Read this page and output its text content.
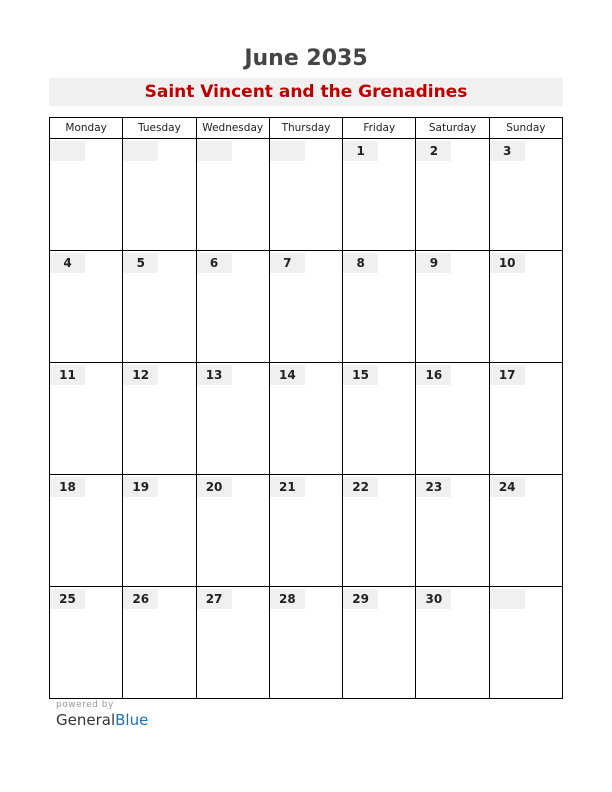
June 2035
Saint Vincent and the Grenadines
Monday	Tuesday	Wednesday	Thursday	Friday	Saturday	Sunday

				1	2	3

4	5	6	7	8	9	10

11	12	13	14	15	16	17

18	19	20	21	22	23	24

25	26	27	28	29	30	

powered by
GeneralBlue
